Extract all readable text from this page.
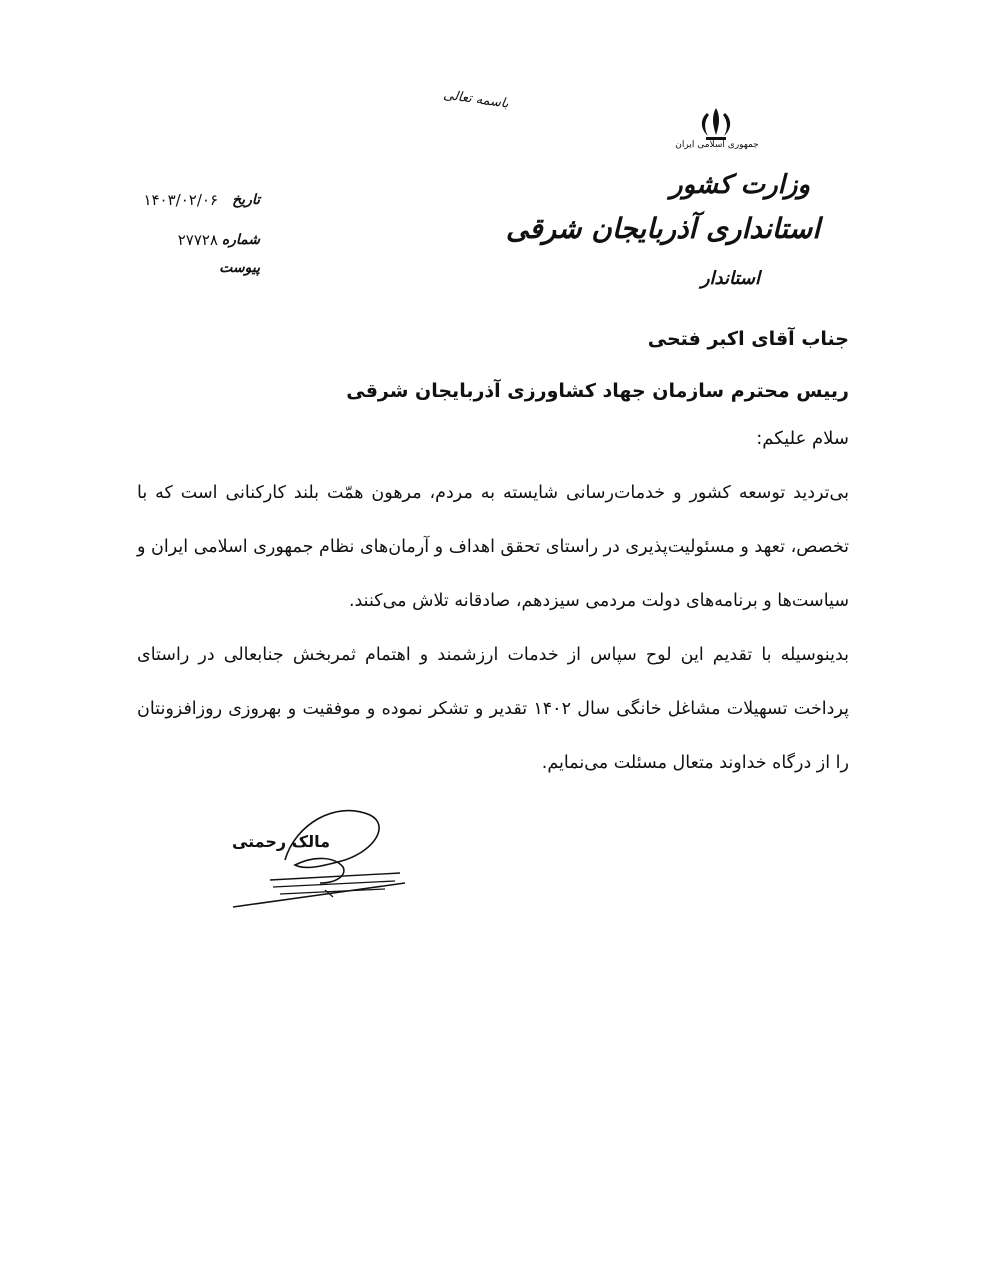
باسمه تعالی
جمهوری اسلامی ایران
وزارت کشور
استانداری آذربایجان شرقی
استاندار
تاریخ
۱۴۰۳/۰۲/۰۶
شماره
۲۷۷۲۸
پیوست
جناب آقای اکبر فتحی
رییس محترم سازمان جهاد کشاورزی آذربایجان شرقی
سلام علیکم:
بی‌تردید توسعه کشور و خدمات‌رسانی شایسته به مردم، مرهون همّت بلند کارکنانی است که با تخصص، تعهد و مسئولیت‌پذیری در راستای تحقق اهداف و آرمان‌های نظام جمهوری اسلامی ایران و سیاست‌ها و برنامه‌های دولت مردمی سیزدهم، صادقانه تلاش می‌کنند.
بدینوسیله با تقدیم این لوح سپاس از خدمات ارزشمند و اهتمام ثمربخش جنابعالی در راستای پرداخت تسهیلات مشاغل خانگی سال ۱۴۰۲ تقدیر و تشکر نموده و موفقیت و بهروزی روزافزونتان را از درگاه خداوند متعال مسئلت می‌نمایم.
مالک رحمتی
